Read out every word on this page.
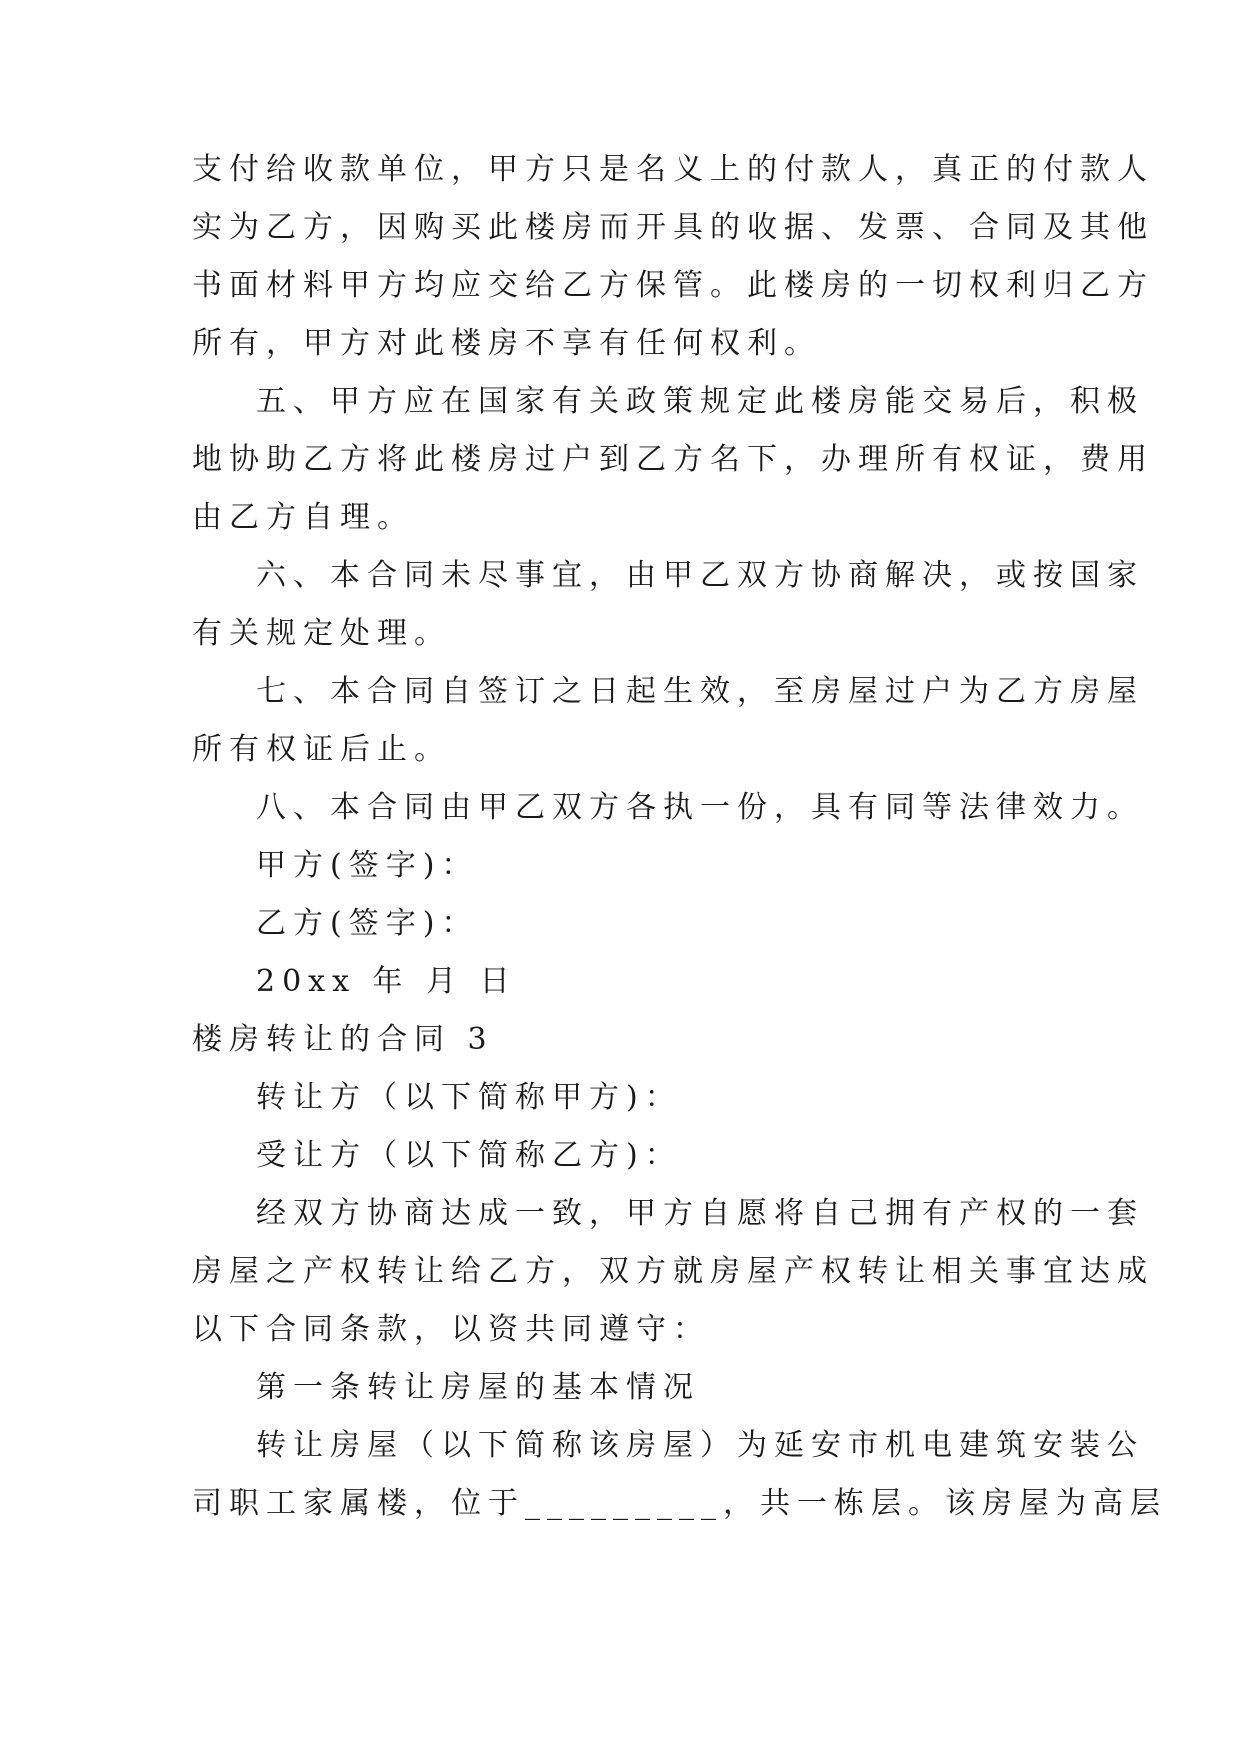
支付给收款单位，甲方只是名义上的付款人，真正的付款人

实为乙方，因购买此楼房而开具的收据、发票、合同及其他

书面材料甲方均应交给乙方保管。此楼房的一切权利归乙方

所有，甲方对此楼房不享有任何权利。

五、甲方应在国家有关政策规定此楼房能交易后，积极

地协助乙方将此楼房过户到乙方名下，办理所有权证，费用

由乙方自理。

六、本合同未尽事宜，由甲乙双方协商解决，或按国家

有关规定处理。

七、本合同自签订之日起生效，至房屋过户为乙方房屋

所有权证后止。

八、本合同由甲乙双方各执一份，具有同等法律效力。

甲方(签字)：

乙方(签字)：

20xx 年 月 日

楼房转让的合同 3

转让方（以下简称甲方)：

受让方（以下简称乙方)：

经双方协商达成一致，甲方自愿将自己拥有产权的一套

房屋之产权转让给乙方，双方就房屋产权转让相关事宜达成

以下合同条款，以资共同遵守：

第一条转让房屋的基本情况

转让房屋（以下简称该房屋）为延安市机电建筑安装公

司职工家属楼，位于_________，共一栋层。该房屋为高层
